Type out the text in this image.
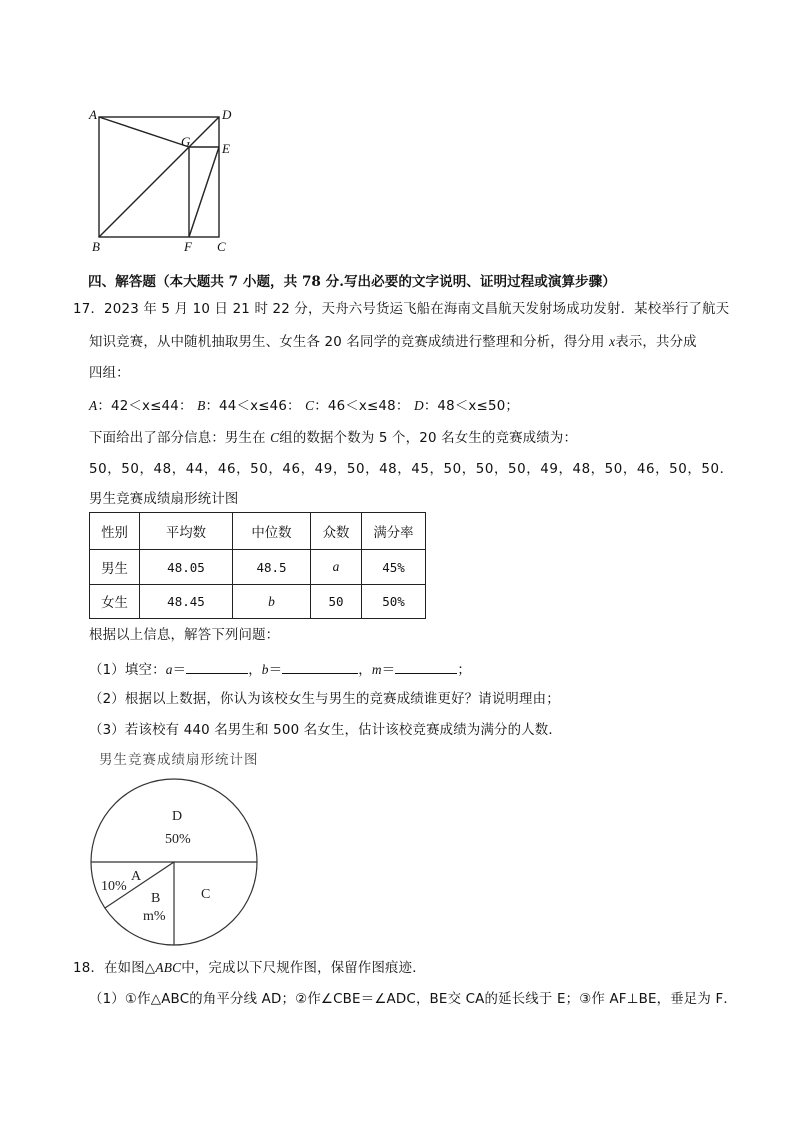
A	D
G E
B	F C
四、解答题（本大题共 7 小题，共 78 分.写出必要的文字说明、证明过程或演算步骤）
17．2023 年 5 月 10 日 21 时 22 分，天舟六号货运飞船在海南文昌航天发射场成功发射．某校举行了航天
知识竞赛，从中随机抽取男生、女生各 20 名同学的竞赛成绩进行整理和分析，得分用 x表示，共分成
四组：
A：42＜x≤44： B：44＜x≤46： C：46＜x≤48： D：48＜x≤50；
下面给出了部分信息：男生在 C组的数据个数为 5 个，20 名女生的竞赛成绩为：
50，50，48，44，46，50，46，49，50，48，45，50，50，50，49，48，50，46，50，50．
男生竞赛成绩扇形统计图
性别	平均数	中位数	众数	满分率
男生	48.05	48.5	a	45%
女生	48.45	b	50	50%
根据以上信息，解答下列问题：
（1）填空：a＝	，b＝	，m＝	；
（2）根据以上数据，你认为该校女生与男生的竞赛成绩谁更好？请说明理由；
（3）若该校有 440 名男生和 500 名女生，估计该校竞赛成绩为满分的人数．
男生竞赛成绩扇形统计图
D
50%
A
10%
B
m%
C
18．在如图△ABC中，完成以下尺规作图，保留作图痕迹．
（1）①作△ABC的角平分线 AD；②作∠CBE＝∠ADC，BE交 CA的延长线于 E；③作 AF⊥BE，垂足为 F．
